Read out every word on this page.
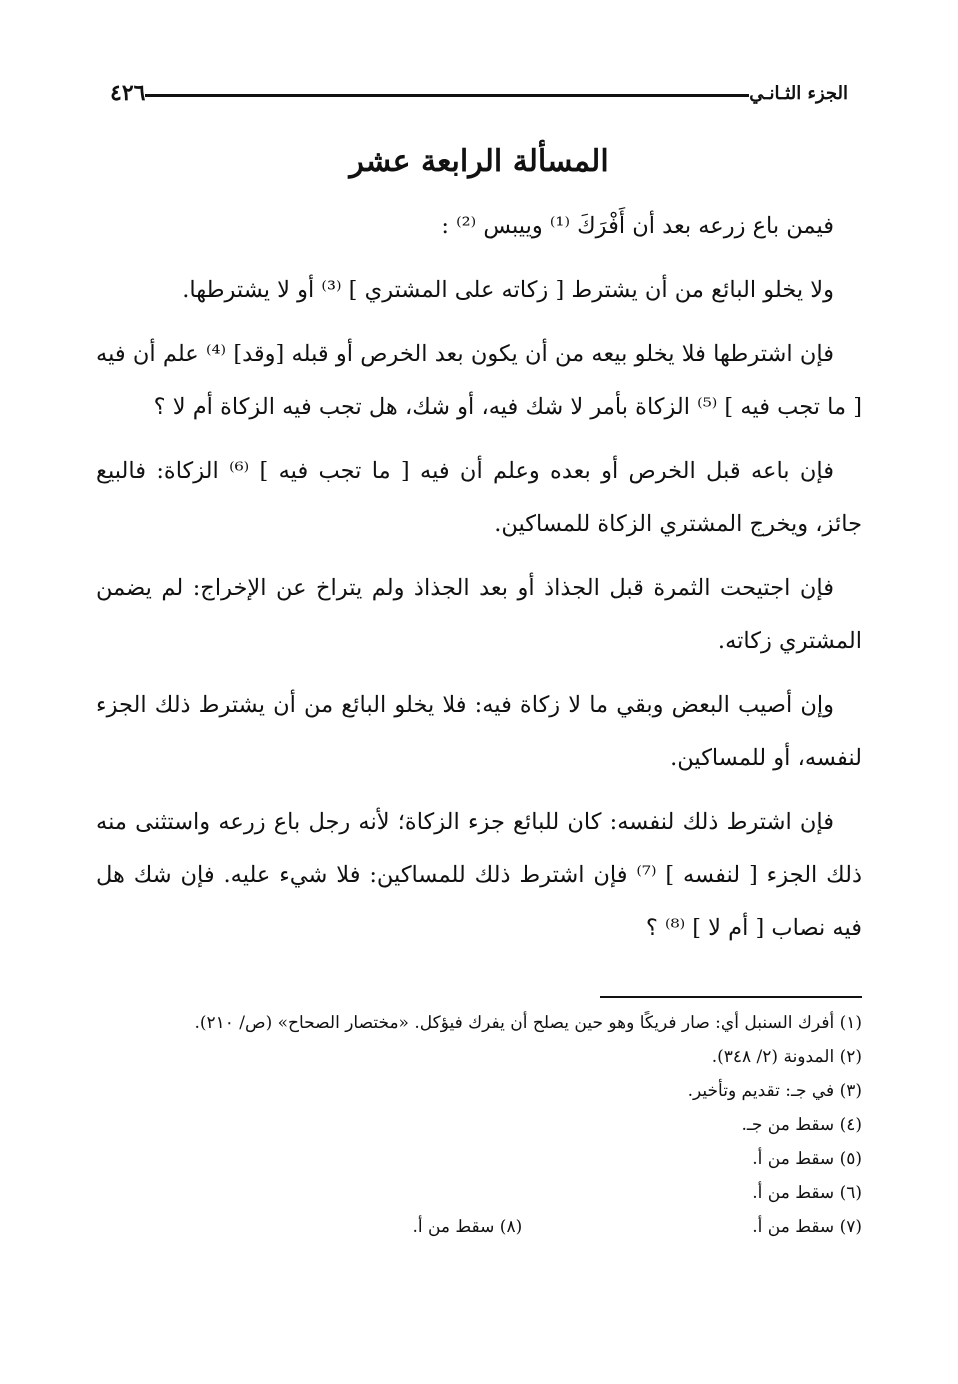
الجزء الثـانـي
٤٢٦
المسألة الرابعة عشر

فيمن باع زرعه بعد أن أَفْرَكَ ⁽¹⁾ وييبس ⁽²⁾ :

ولا يخلو البائع من أن يشترط [ زكاته على المشتري ] ⁽³⁾ أو لا يشترطها.

فإن اشترطها فلا يخلو بيعه من أن يكون بعد الخرص أو قبله [وقد] ⁽⁴⁾ علم أن فيه [ ما تجب فيه ] ⁽⁵⁾ الزكاة بأمر لا شك فيه، أو شك، هل تجب فيه الزكاة أم لا ؟

فإن باعه قبل الخرص أو بعده وعلم أن فيه [ ما تجب فيه ] ⁽⁶⁾ الزكاة: فالبيع جائز، ويخرج المشتري الزكاة للمساكين.

فإن اجتيحت الثمرة قبل الجذاذ أو بعد الجذاذ ولم يتراخ عن الإخراج: لم يضمن المشتري زكاته.

وإن أصيب البعض وبقي ما لا زكاة فيه: فلا يخلو البائع من أن يشترط ذلك الجزء لنفسه، أو للمساكين.

فإن اشترط ذلك لنفسه: كان للبائع جزء الزكاة؛ لأنه رجل باع زرعه واستثنى منه ذلك الجزء [ لنفسه ] ⁽⁷⁾ فإن اشترط ذلك للمساكين: فلا شيء عليه. فإن شك هل فيه نصاب [ أم لا ] ⁽⁸⁾ ؟

(١) أفرك السنبل أي: صار فريكًا وهو حين يصلح أن يفرك فيؤكل. «مختصار الصحاح» (ص/ ٢١٠).

(٢) المدونة (٢/ ٣٤٨).

(٣) في جـ: تقديم وتأخير.

(٤) سقط من جـ.

(٥) سقط من أ.

(٦) سقط من أ.

(٧) سقط من أ.
(٨) سقط من أ.
